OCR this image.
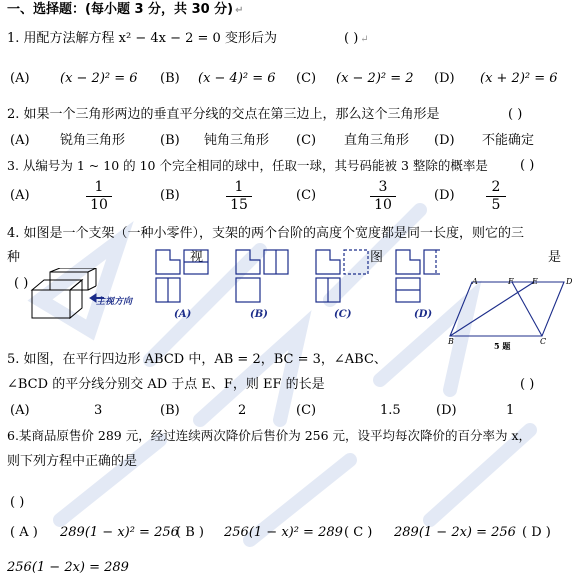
一、选择题：(每小题 3 分，共 30 分) ↵
1. 用配方法解方程 x² − 4x − 2 = 0 变形后为	( ) ↵
(A) (x − 2)² = 6 (B) (x − 4)² = 6 (C) (x − 2)² = 2 (D) (x + 2)² = 6
2. 如果一个三角形两边的垂直平分线的交点在第三边上，那么这个三角形是	( )
(A) 锐角三角形	(B) 钝角三角形 (C) 直角三角形 (D) 不能确定
3. 从编号为 1 ~ 10 的 10 个完全相同的球中，任取一球，其号码能被 3 整除的概率是 ( )
(A)	$\frac{1}{10}$	(B)	$\frac{1}{15}$	(C)	$\frac{3}{10}$	$(D) \frac{2}{5}$
4. 如图是一个支架（一种小零件），支架的两个台阶的高度个宽度都是同一长度，则它的三
种	视	图	是
( )
主视方向
(A)	(B)	(C)	(D)
A	F E	D
B	C
5 题
5. 如图，在平行四边形 ABCD 中，AB = 2，BC = 3，∠ABC、
∠BCD 的平分线分别交 AD 于点 E、F，则 EF 的长是	( )
(A)	3	(B)	2	(C)	1.5	(D)	1
6.某商品原售价 289 元，经过连续两次降价后售价为 256 元，设平均每次降价的百分率为 x，
则下列方程中正确的是
( )
( A ) 289(1 − x)² = 256
( B ) 256(1 − x)² = 289 ( C ) 289(1 − 2x) = 256 ( D )
256(1 − 2x) = 289
